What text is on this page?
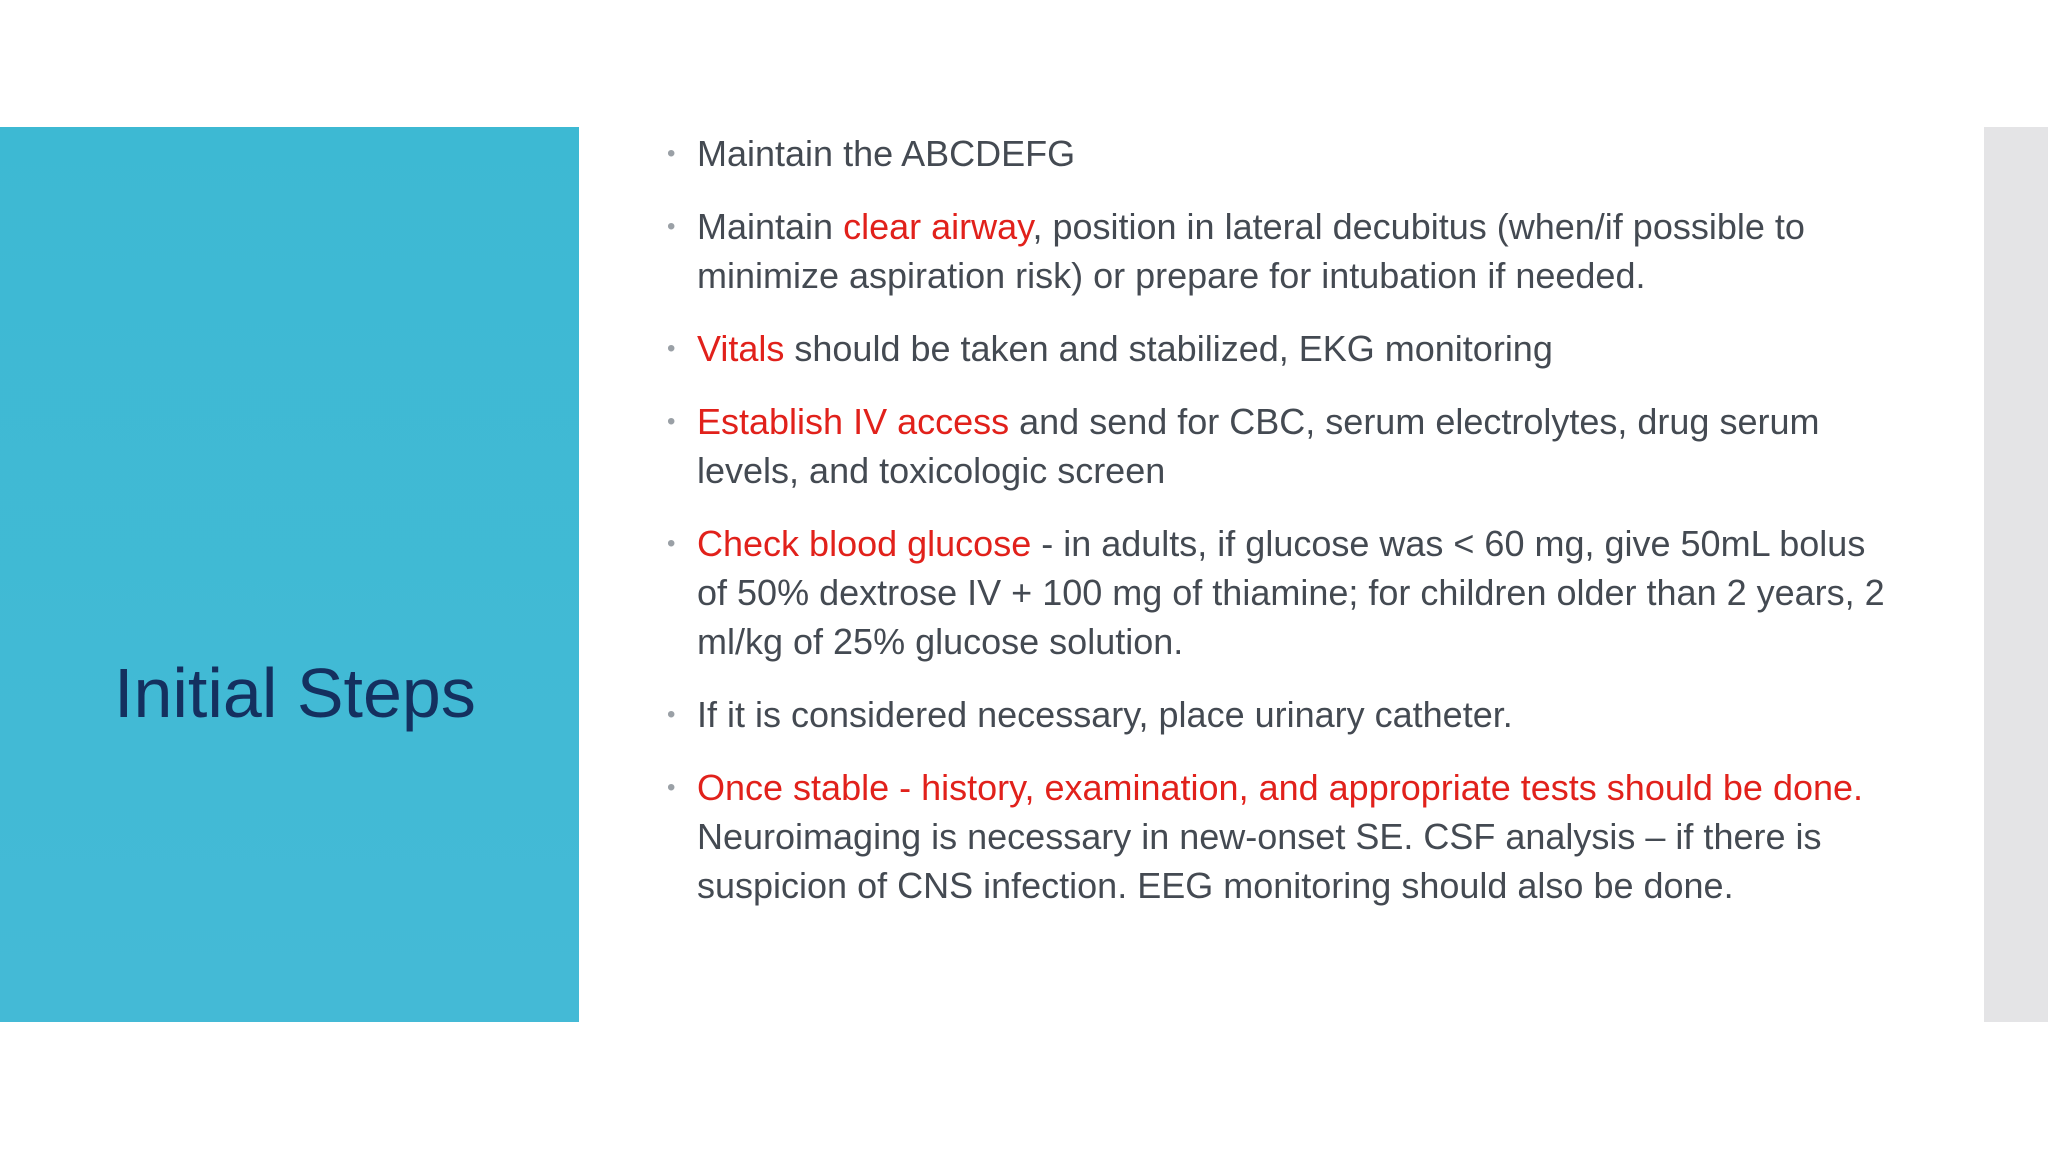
Initial Steps
• Maintain the ABCDEFG
• Maintain clear airway, position in lateral decubitus (when/if possible to minimize aspiration risk) or prepare for intubation if needed.
• Vitals should be taken and stabilized, EKG monitoring
• Establish IV access and send for CBC, serum electrolytes, drug serum levels, and toxicologic screen
• Check blood glucose - in adults, if glucose was < 60 mg, give 50mL bolus of 50% dextrose IV + 100 mg of thiamine; for children older than 2 years, 2 ml/kg of 25% glucose solution.
• If it is considered necessary, place urinary catheter.
• Once stable - history, examination, and appropriate tests should be done. Neuroimaging is necessary in new-onset SE. CSF analysis – if there is suspicion of CNS infection. EEG monitoring should also be done.
